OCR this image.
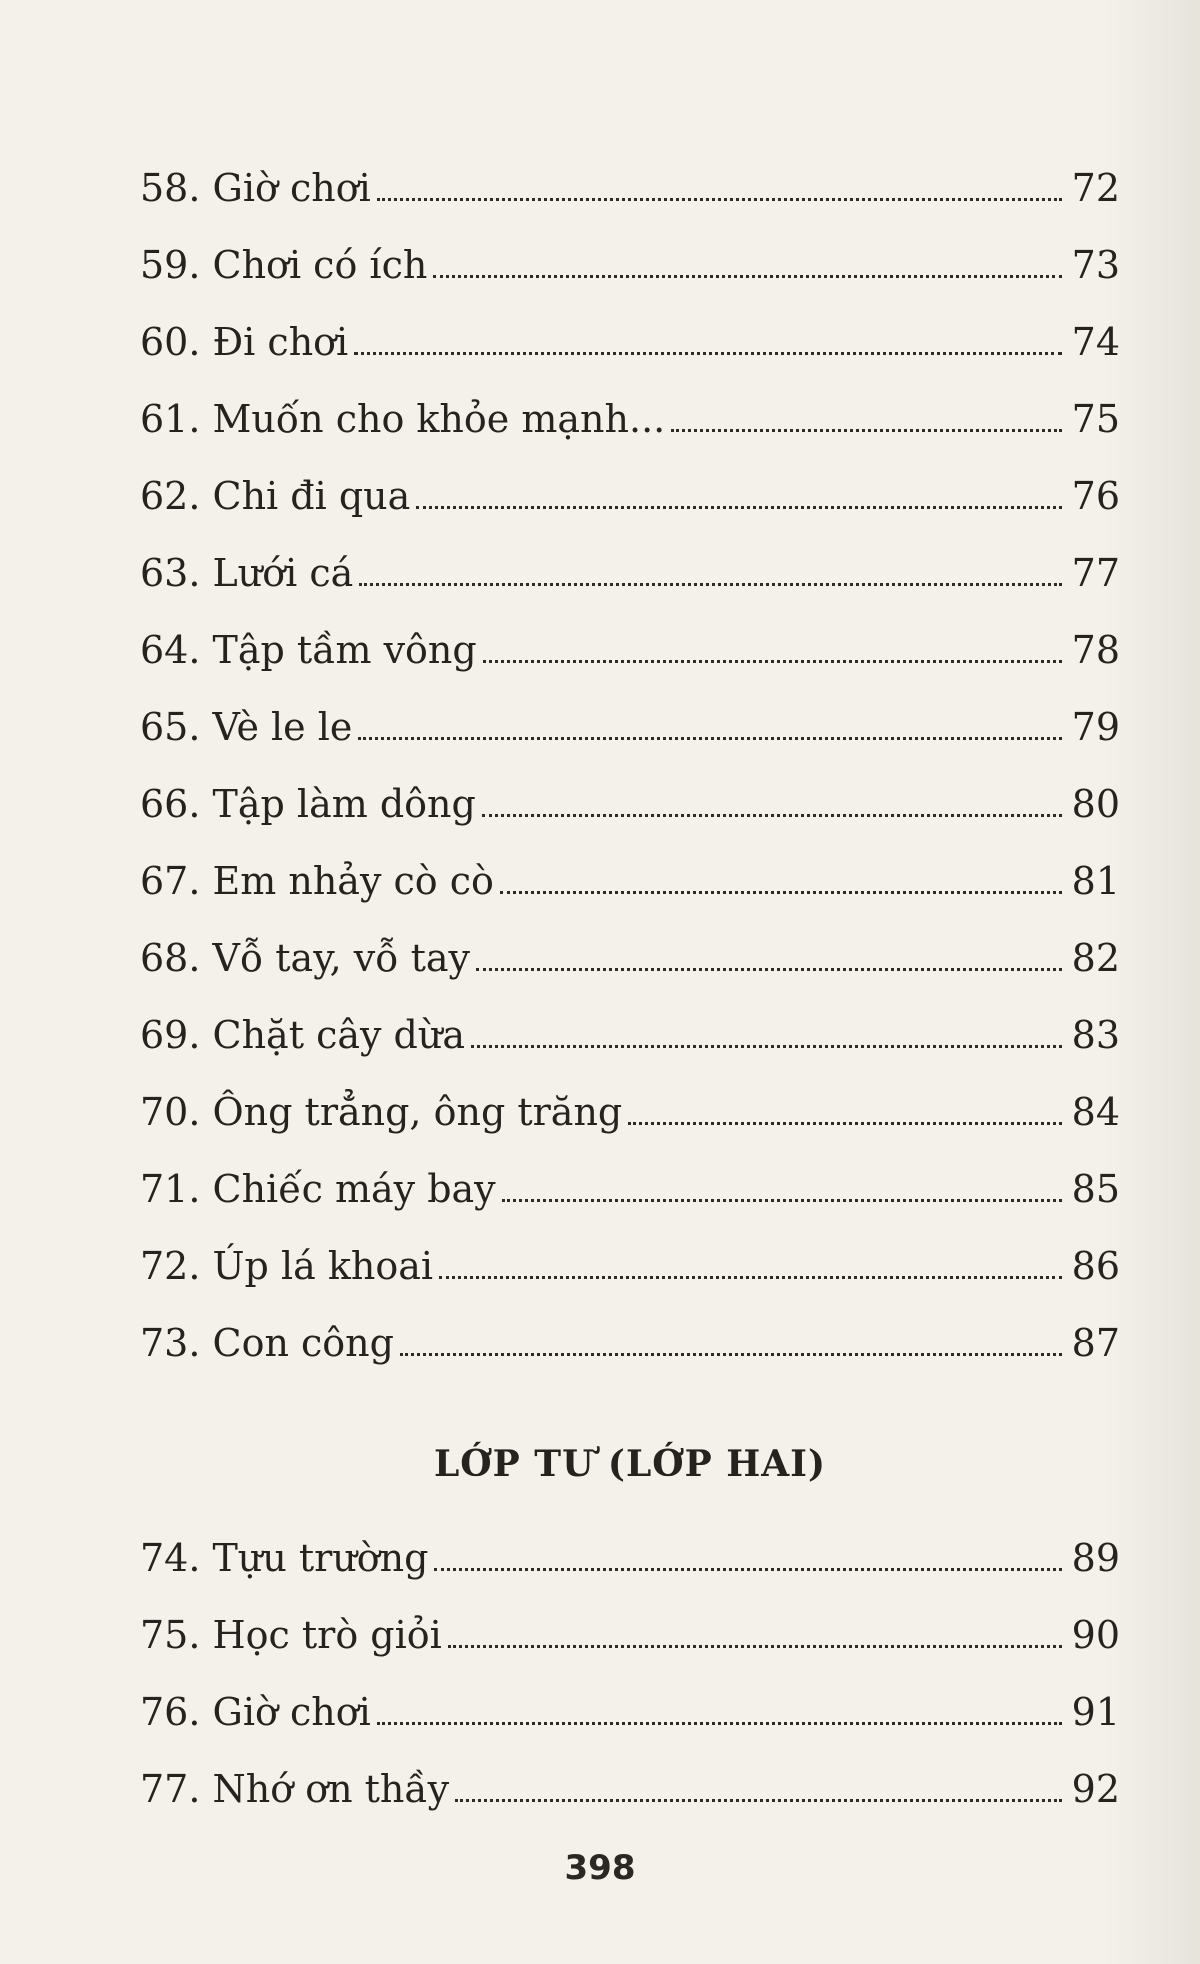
58. Giờ chơi	72
59. Chơi có ích	73
60. Đi chơi	74
61. Muốn cho khỏe mạnh...	75
62. Chi đi qua	76
63. Lưới cá	77
64. Tập tầm vông	78
65. Vè le le	79
66. Tập làm dông	80
67. Em nhảy cò cò	81
68. Vỗ tay, vỗ tay	82
69. Chặt cây dừa	83
70. Ông trẳng, ông trăng	84
71. Chiếc máy bay	85
72. Úp lá khoai	86
73. Con công	87
LỚP TƯ (LỚP HAI)
74. Tựu trường	89
75. Học trò giỏi	90
76. Giờ chơi	91
77. Nhớ ơn thầy	92
398
